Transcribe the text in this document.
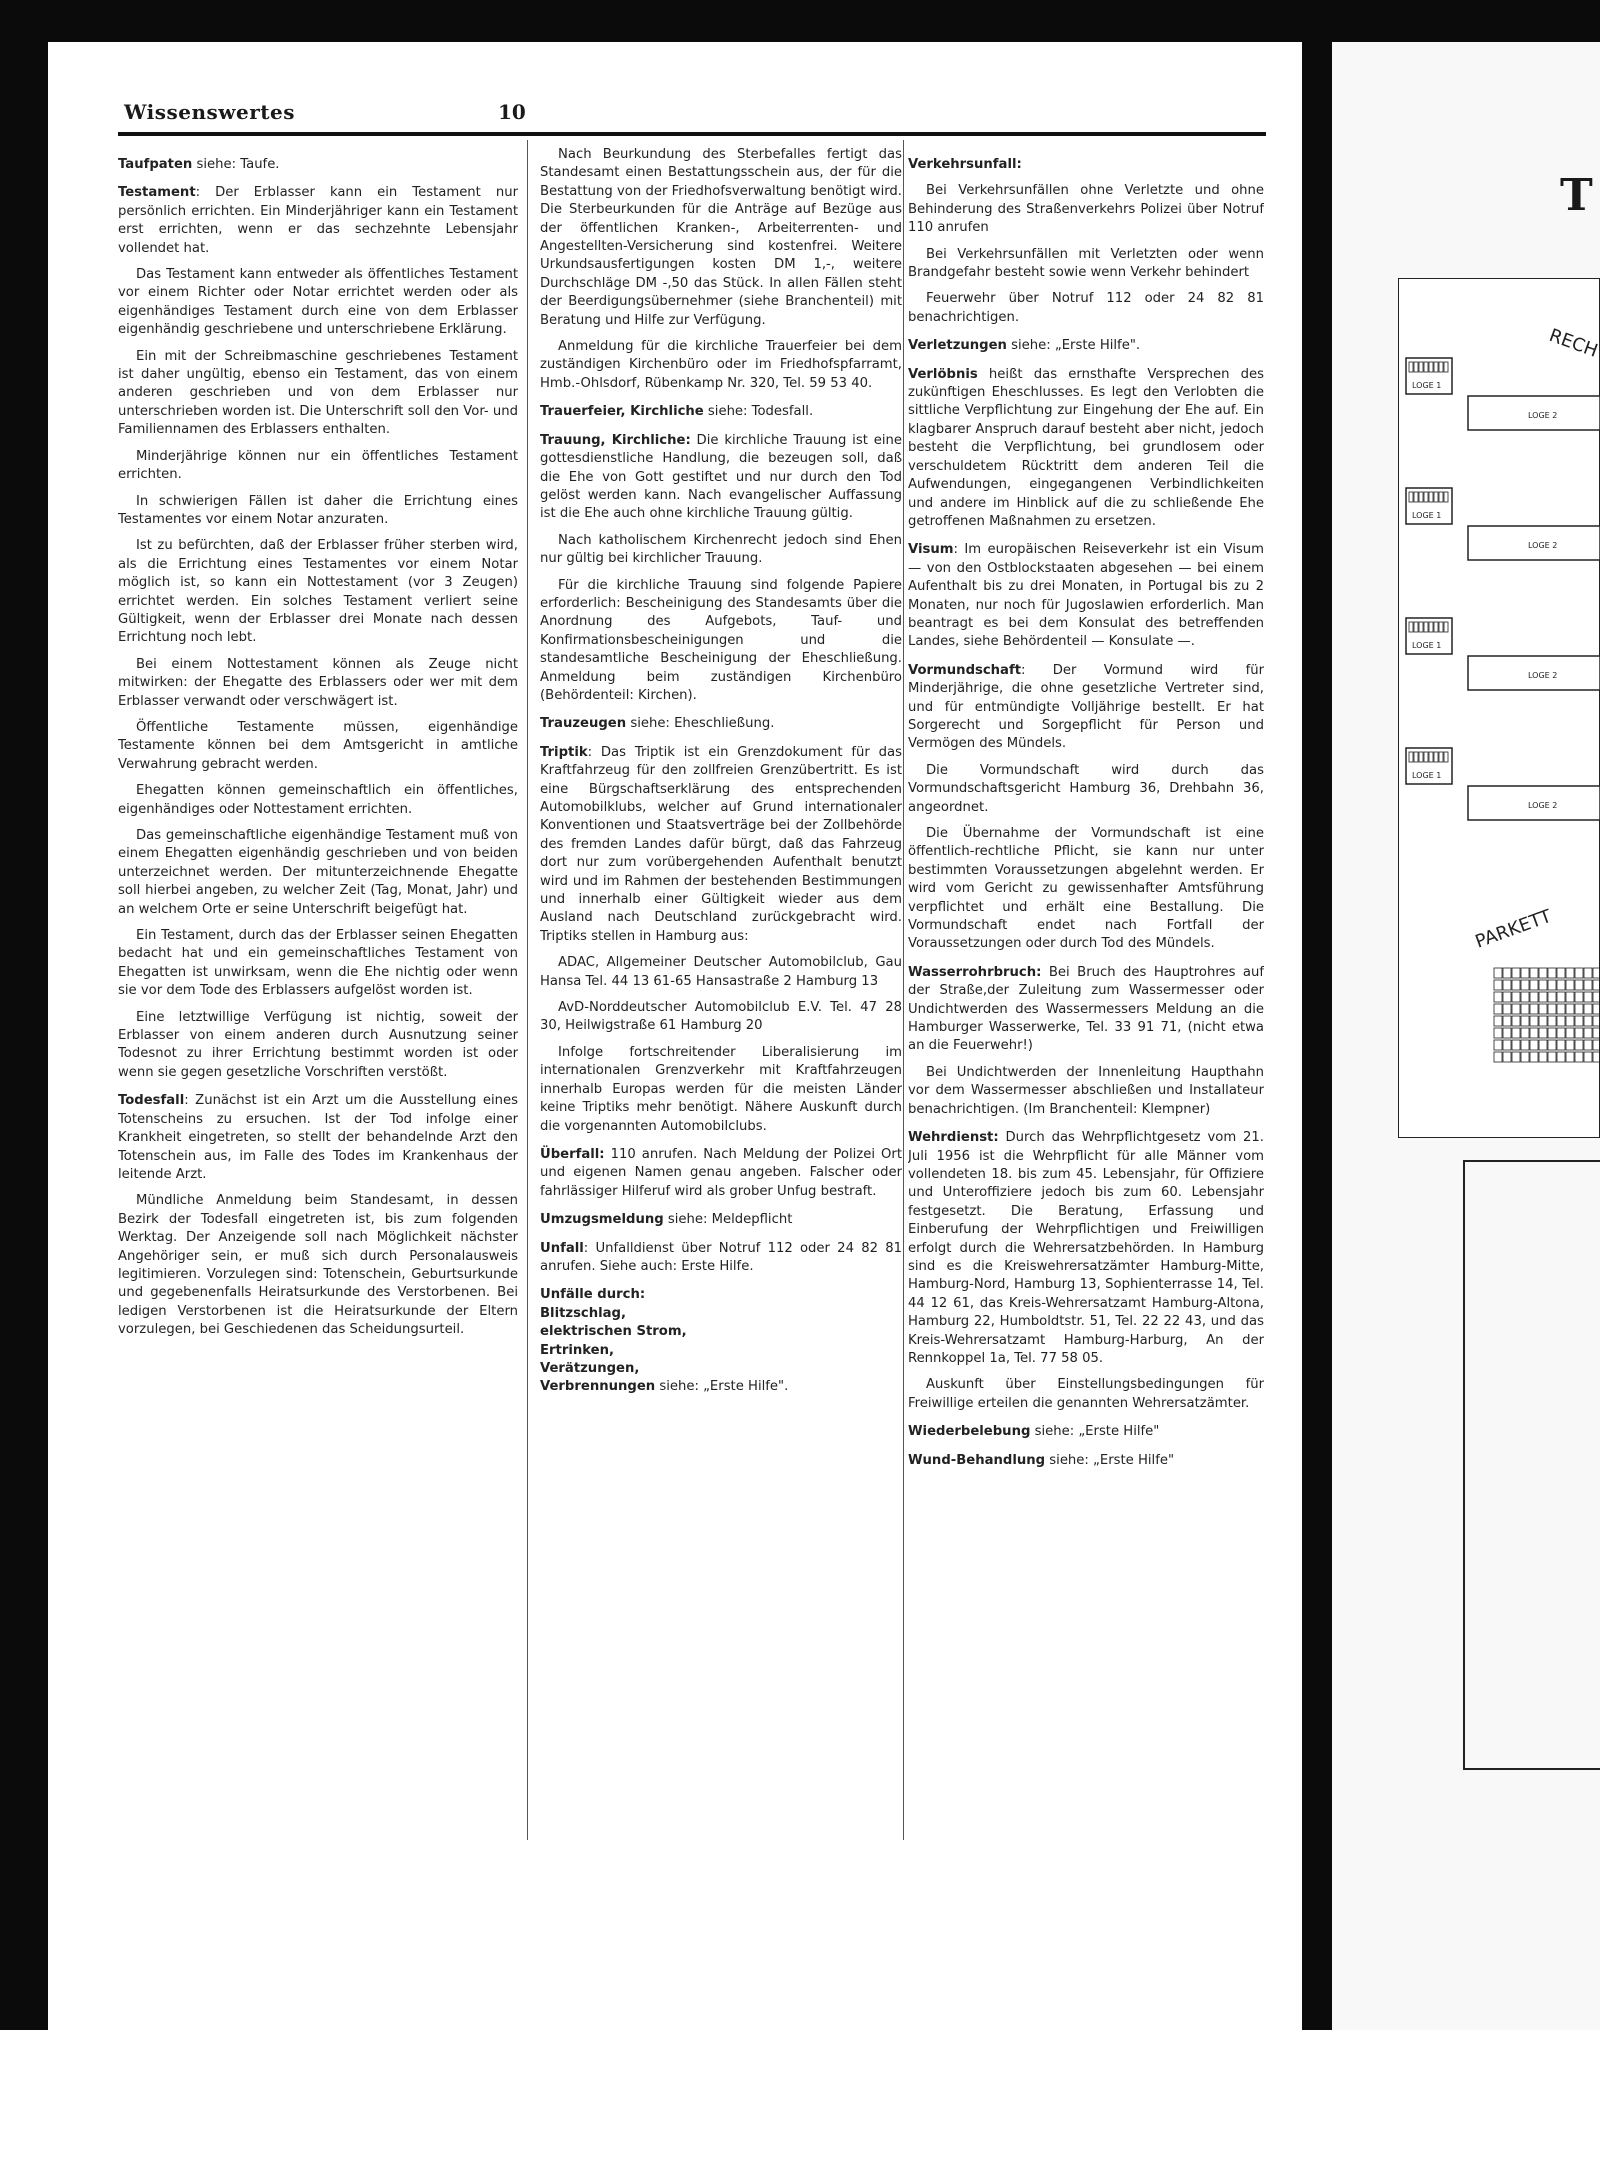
Wissenswertes	10

Taufpaten siehe: Taufe.

Testament: Der Erblasser kann ein Testament nur persönlich errichten. Ein Minderjähriger kann ein Testament erst errichten, wenn er das sechzehnte Lebensjahr vollendet hat.

Das Testament kann entweder als öffentliches Testament vor einem Richter oder Notar errichtet werden oder als eigenhändiges Testament durch eine von dem Erblasser eigenhändig geschriebene und unterschriebene Erklärung.

Ein mit der Schreibmaschine geschriebenes Testament ist daher ungültig, ebenso ein Testament, das von einem anderen geschrieben und von dem Erblasser nur unterschrieben worden ist. Die Unterschrift soll den Vor- und Familiennamen des Erblassers enthalten.

Minderjährige können nur ein öffentliches Testament errichten.

In schwierigen Fällen ist daher die Errichtung eines Testamentes vor einem Notar anzuraten.

Ist zu befürchten, daß der Erblasser früher sterben wird, als die Errichtung eines Testamentes vor einem Notar möglich ist, so kann ein Nottestament (vor 3 Zeugen) errichtet werden. Ein solches Testament verliert seine Gültigkeit, wenn der Erblasser drei Monate nach dessen Errichtung noch lebt.

Bei einem Nottestament können als Zeuge nicht mitwirken: der Ehegatte des Erblassers oder wer mit dem Erblasser verwandt oder verschwägert ist.

Öffentliche Testamente müssen, eigenhändige Testamente können bei dem Amtsgericht in amtliche Verwahrung gebracht werden.

Ehegatten können gemeinschaftlich ein öffentliches, eigenhändiges oder Nottestament errichten.

Das gemeinschaftliche eigenhändige Testament muß von einem Ehegatten eigenhändig geschrieben und von beiden unterzeichnet werden. Der mitunterzeichnende Ehegatte soll hierbei angeben, zu welcher Zeit (Tag, Monat, Jahr) und an welchem Orte er seine Unterschrift beigefügt hat.

Ein Testament, durch das der Erblasser seinen Ehegatten bedacht hat und ein gemeinschaftliches Testament von Ehegatten ist unwirksam, wenn die Ehe nichtig oder wenn sie vor dem Tode des Erblassers aufgelöst worden ist.

Eine letztwillige Verfügung ist nichtig, soweit der Erblasser von einem anderen durch Ausnutzung seiner Todesnot zu ihrer Errichtung bestimmt worden ist oder wenn sie gegen gesetzliche Vorschriften verstößt.

Todesfall: Zunächst ist ein Arzt um die Ausstellung eines Totenscheins zu ersuchen. Ist der Tod infolge einer Krankheit eingetreten, so stellt der behandelnde Arzt den Totenschein aus, im Falle des Todes im Krankenhaus der leitende Arzt.

Mündliche Anmeldung beim Standesamt, in dessen Bezirk der Todesfall eingetreten ist, bis zum folgenden Werktag. Der Anzeigende soll nach Möglichkeit nächster Angehöriger sein, er muß sich durch Personalausweis legitimieren. Vorzulegen sind: Totenschein, Geburtsurkunde und gegebenenfalls Heiratsurkunde des Verstorbenen. Bei ledigen Verstorbenen ist die Heiratsurkunde der Eltern vorzulegen, bei Geschiedenen das Scheidungsurteil.

Nach Beurkundung des Sterbefalles fertigt das Standesamt einen Bestattungsschein aus, der für die Bestattung von der Friedhofsverwaltung benötigt wird. Die Sterbeurkunden für die Anträge auf Bezüge aus der öffentlichen Kranken-, Arbeiterrenten- und Angestellten-Versicherung sind kostenfrei. Weitere Urkundsausfertigungen kosten DM 1,-, weitere Durchschläge DM -,50 das Stück. In allen Fällen steht der Beerdigungsübernehmer (siehe Branchenteil) mit Beratung und Hilfe zur Verfügung.

Anmeldung für die kirchliche Trauerfeier bei dem zuständigen Kirchenbüro oder im Friedhofspfarramt, Hmb.-Ohlsdorf, Rübenkamp Nr. 320, Tel. 59 53 40.

Trauerfeier, Kirchliche siehe: Todesfall.

Trauung, Kirchliche: Die kirchliche Trauung ist eine gottesdienstliche Handlung, die bezeugen soll, daß die Ehe von Gott gestiftet und nur durch den Tod gelöst werden kann. Nach evangelischer Auffassung ist die Ehe auch ohne kirchliche Trauung gültig.

Nach katholischem Kirchenrecht jedoch sind Ehen nur gültig bei kirchlicher Trauung.

Für die kirchliche Trauung sind folgende Papiere erforderlich: Bescheinigung des Standesamts über die Anordnung des Aufgebots, Tauf- und Konfirmationsbescheinigungen und die standesamtliche Bescheinigung der Eheschließung. Anmeldung beim zuständigen Kirchenbüro (Behördenteil: Kirchen).

Trauzeugen siehe: Eheschließung.

Triptik: Das Triptik ist ein Grenzdokument für das Kraftfahrzeug für den zollfreien Grenzübertritt. Es ist eine Bürgschaftserklärung des entsprechenden Automobilklubs, welcher auf Grund internationaler Konventionen und Staatsverträge bei der Zollbehörde des fremden Landes dafür bürgt, daß das Fahrzeug dort nur zum vorübergehenden Aufenthalt benutzt wird und im Rahmen der bestehenden Bestimmungen und innerhalb einer Gültigkeit wieder aus dem Ausland nach Deutschland zurückgebracht wird. Triptiks stellen in Hamburg aus:

ADAC, Allgemeiner Deutscher Automobilclub, Gau Hansa Tel. 44 13 61-65 Hansastraße 2 Hamburg 13

AvD-Norddeutscher Automobilclub E.V. Tel. 47 28 30, Heilwigstraße 61 Hamburg 20

Infolge fortschreitender Liberalisierung im internationalen Grenzverkehr mit Kraftfahrzeugen innerhalb Europas werden für die meisten Länder keine Triptiks mehr benötigt. Nähere Auskunft durch die vorgenannten Automobilclubs.

Überfall: 110 anrufen. Nach Meldung der Polizei Ort und eigenen Namen genau angeben. Falscher oder fahrlässiger Hilferuf wird als grober Unfug bestraft.

Umzugsmeldung siehe: Meldepflicht

Unfall: Unfalldienst über Notruf 112 oder 24 82 81 anrufen. Siehe auch: Erste Hilfe.

Unfälle durch:
Blitzschlag,
elektrischen Strom,
Ertrinken,
Verätzungen,
Verbrennungen siehe: „Erste Hilfe".

Verkehrsunfall:

Bei Verkehrsunfällen ohne Verletzte und ohne Behinderung des Straßenverkehrs Polizei über Notruf 110 anrufen

Bei Verkehrsunfällen mit Verletzten oder wenn Brandgefahr besteht sowie wenn Verkehr behindert

Feuerwehr über Notruf 112 oder 24 82 81 benachrichtigen.

Verletzungen siehe: „Erste Hilfe".

Verlöbnis heißt das ernsthafte Versprechen des zukünftigen Eheschlusses. Es legt den Verlobten die sittliche Verpflichtung zur Eingehung der Ehe auf. Ein klagbarer Anspruch darauf besteht aber nicht, jedoch besteht die Verpflichtung, bei grundlosem oder verschuldetem Rücktritt dem anderen Teil die Aufwendungen, eingegangenen Verbindlichkeiten und andere im Hinblick auf die zu schließende Ehe getroffenen Maßnahmen zu ersetzen.

Visum: Im europäischen Reiseverkehr ist ein Visum — von den Ostblockstaaten abgesehen — bei einem Aufenthalt bis zu drei Monaten, in Portugal bis zu 2 Monaten, nur noch für Jugoslawien erforderlich. Man beantragt es bei dem Konsulat des betreffenden Landes, siehe Behördenteil — Konsulate —.

Vormundschaft: Der Vormund wird für Minderjährige, die ohne gesetzliche Vertreter sind, und für entmündigte Volljährige bestellt. Er hat Sorgerecht und Sorgepflicht für Person und Vermögen des Mündels.

Die Vormundschaft wird durch das Vormundschaftsgericht Hamburg 36, Drehbahn 36, angeordnet.

Die Übernahme der Vormundschaft ist eine öffentlich-rechtliche Pflicht, sie kann nur unter bestimmten Voraussetzungen abgelehnt werden. Er wird vom Gericht zu gewissenhafter Amtsführung verpflichtet und erhält eine Bestallung. Die Vormundschaft endet nach Fortfall der Voraussetzungen oder durch Tod des Mündels.

Wasserrohrbruch: Bei Bruch des Hauptrohres auf der Straße,der Zuleitung zum Wassermesser oder Undichtwerden des Wassermessers Meldung an die Hamburger Wasserwerke, Tel. 33 91 71, (nicht etwa an die Feuerwehr!)

Bei Undichtwerden der Innenleitung Haupthahn vor dem Wassermesser abschließen und Installateur benachrichtigen. (Im Branchenteil: Klempner)

Wehrdienst: Durch das Wehrpflichtgesetz vom 21. Juli 1956 ist die Wehrpflicht für alle Männer vom vollendeten 18. bis zum 45. Lebensjahr, für Offiziere und Unteroffiziere jedoch bis zum 60. Lebensjahr festgesetzt. Die Beratung, Erfassung und Einberufung der Wehrpflichtigen und Freiwilligen erfolgt durch die Wehrersatzbehörden. In Hamburg sind es die Kreiswehrersatzämter Hamburg-Mitte, Hamburg-Nord, Hamburg 13, Sophienterrasse 14, Tel. 44 12 61, das Kreis-Wehrersatzamt Hamburg-Altona, Hamburg 22, Humboldtstr. 51, Tel. 22 22 43, und das Kreis-Wehrersatzamt Hamburg-Harburg, An der Rennkoppel 1a, Tel. 77 58 05.

Auskunft über Einstellungsbedingungen für Freiwillige erteilen die genannten Wehrersatzämter.

Wiederbelebung siehe: „Erste Hilfe"

Wund-Behandlung siehe: „Erste Hilfe"

T
LOGE 1
LOGE 2
LOGE 1
LOGE 2
LOGE 1
LOGE 2
LOGE 1
LOGE 2
RECH
PARKETT
